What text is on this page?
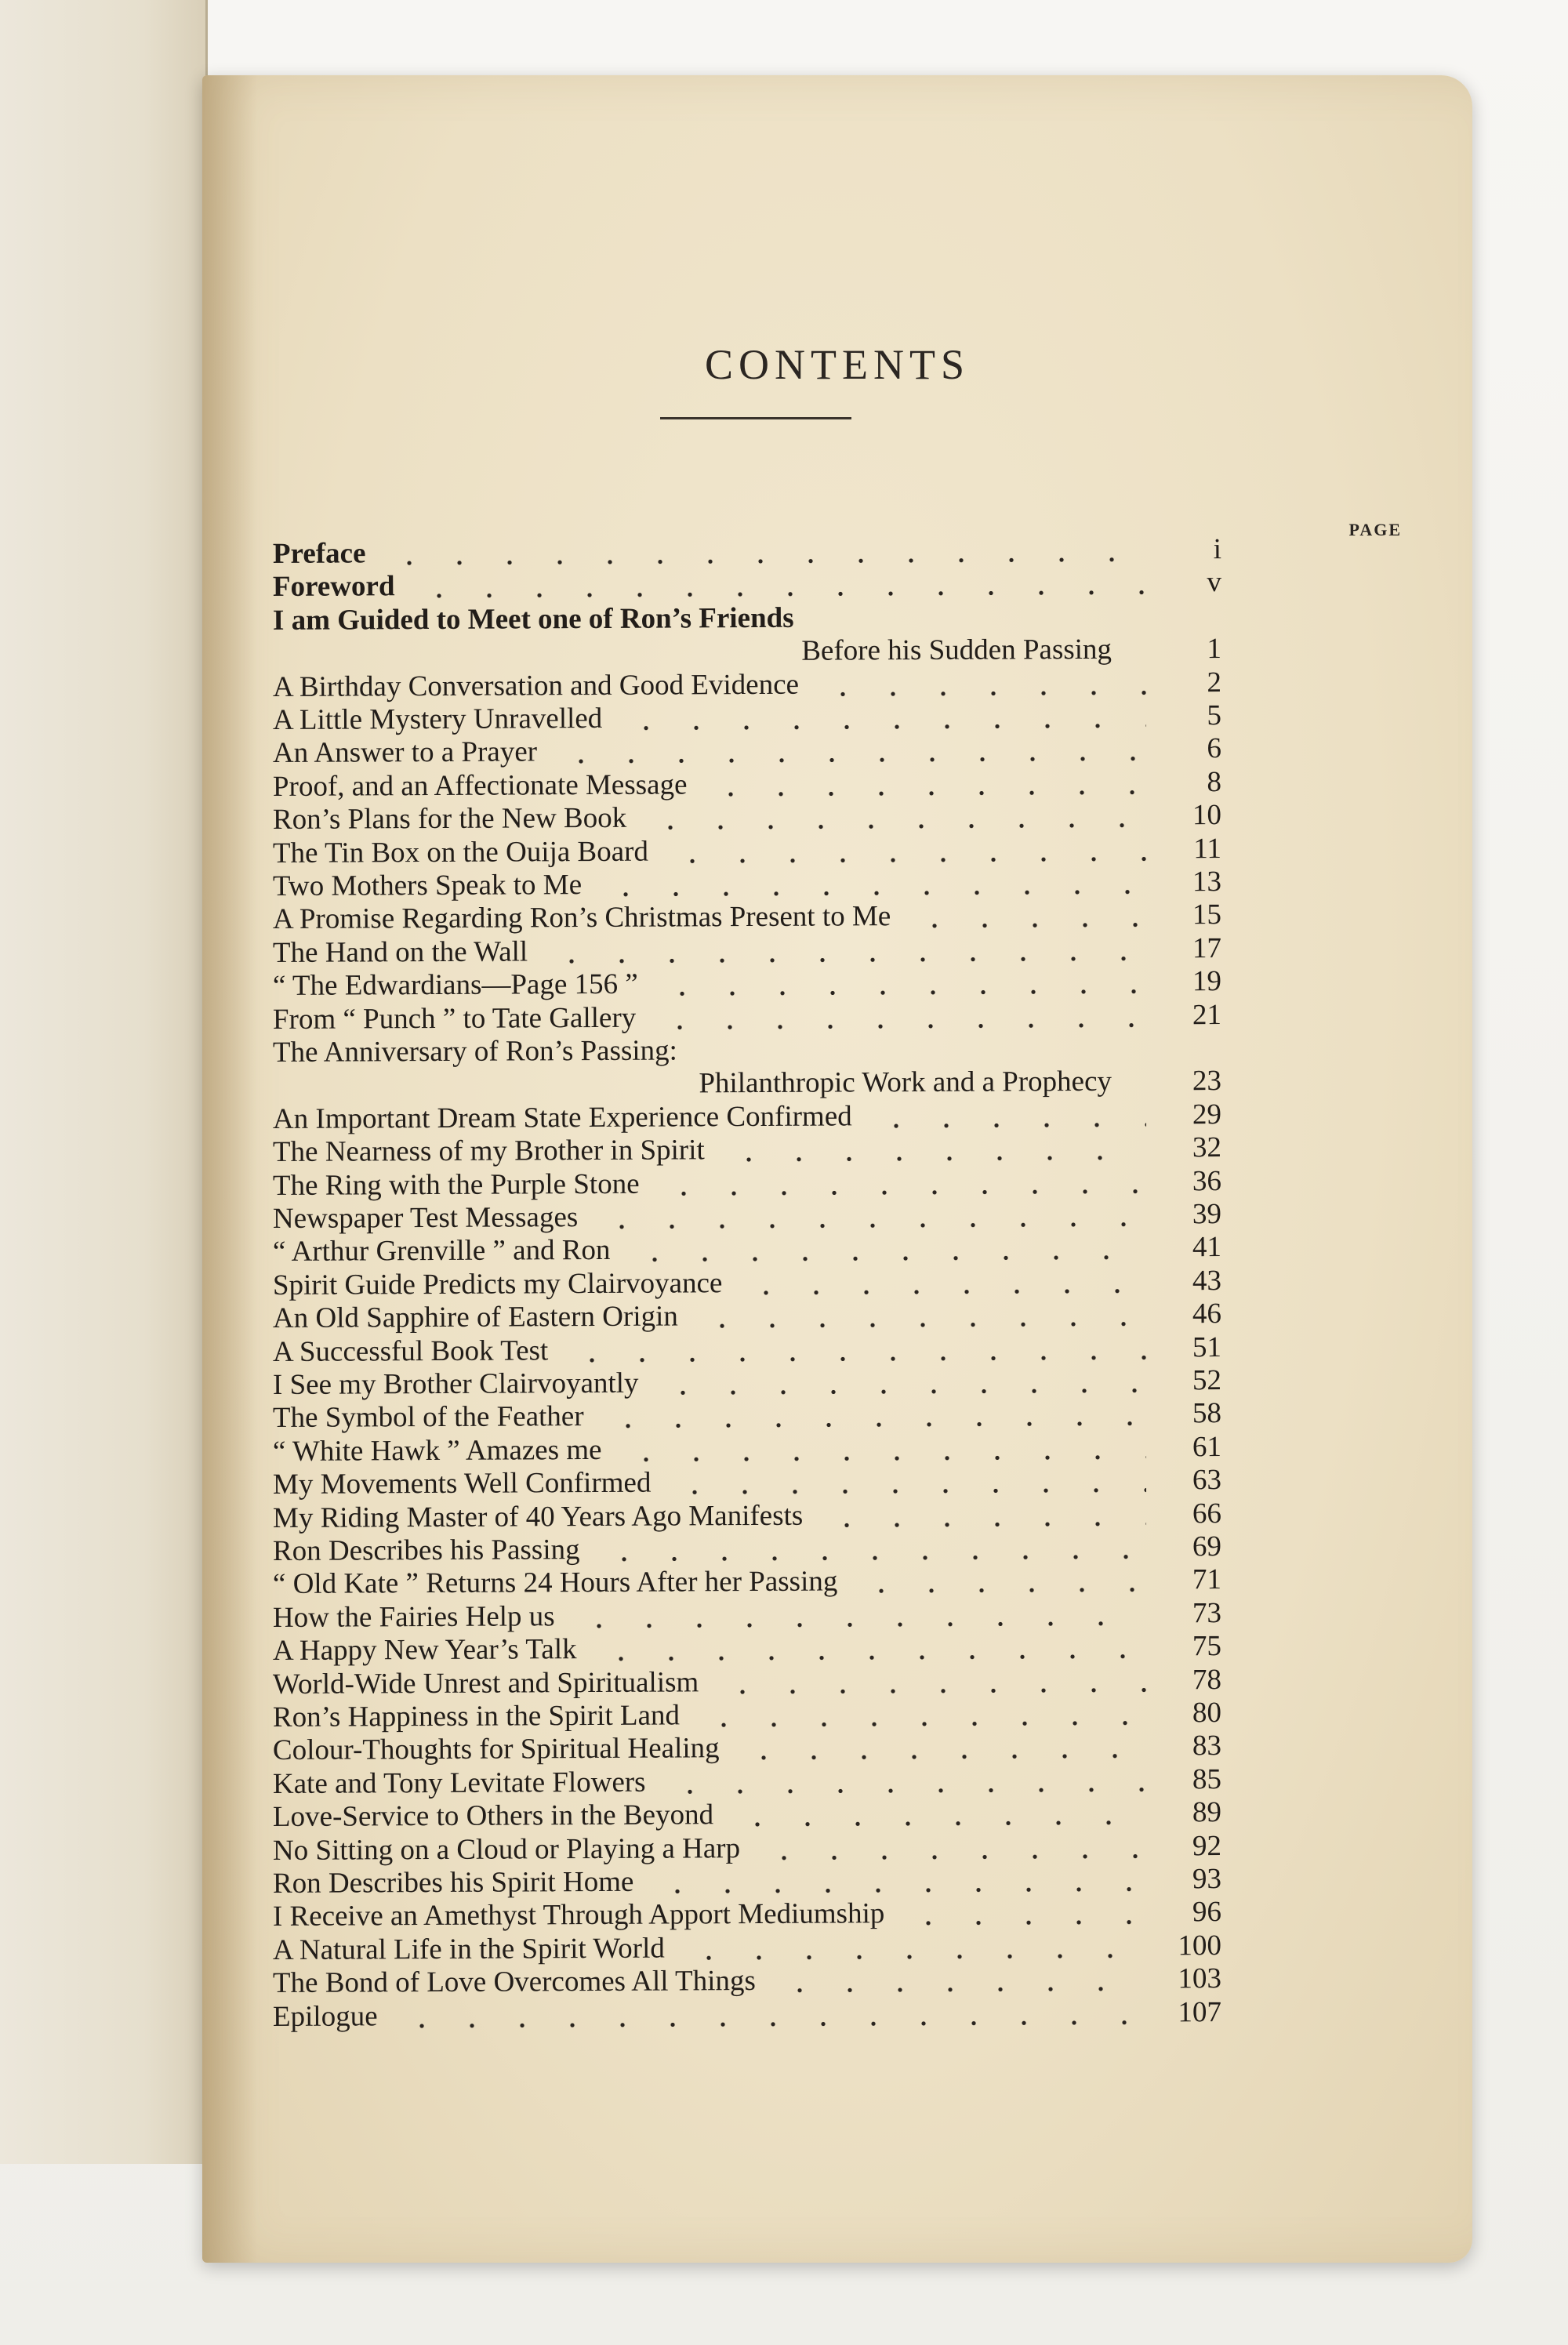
CONTENTS
PAGE
Preface	i
Foreword	v
I am Guided to Meet one of Ron’s Friends
Before his Sudden Passing	1
A Birthday Conversation and Good Evidence	2
A Little Mystery Unravelled	5
An Answer to a Prayer	6
Proof, and an Affectionate Message	8
Ron’s Plans for the New Book	10
The Tin Box on the Ouija Board	11
Two Mothers Speak to Me	13
A Promise Regarding Ron’s Christmas Present to Me	15
The Hand on the Wall	17
“ The Edwardians—Page 156 ”	19
From “ Punch ” to Tate Gallery	21
The Anniversary of Ron’s Passing:
Philanthropic Work and a Prophecy	23
An Important Dream State Experience Confirmed	29
The Nearness of my Brother in Spirit	32
The Ring with the Purple Stone	36
Newspaper Test Messages	39
“ Arthur Grenville ” and Ron	41
Spirit Guide Predicts my Clairvoyance	43
An Old Sapphire of Eastern Origin	46
A Successful Book Test	51
I See my Brother Clairvoyantly	52
The Symbol of the Feather	58
“ White Hawk ” Amazes me	61
My Movements Well Confirmed	63
My Riding Master of 40 Years Ago Manifests	66
Ron Describes his Passing	69
“ Old Kate ” Returns 24 Hours After her Passing	71
How the Fairies Help us	73
A Happy New Year’s Talk	75
World-Wide Unrest and Spiritualism	78
Ron’s Happiness in the Spirit Land	80
Colour-Thoughts for Spiritual Healing	83
Kate and Tony Levitate Flowers	85
Love-Service to Others in the Beyond	89
No Sitting on a Cloud or Playing a Harp	92
Ron Describes his Spirit Home	93
I Receive an Amethyst Through Apport Mediumship	96
A Natural Life in the Spirit World	100
The Bond of Love Overcomes All Things	103
Epilogue	107
